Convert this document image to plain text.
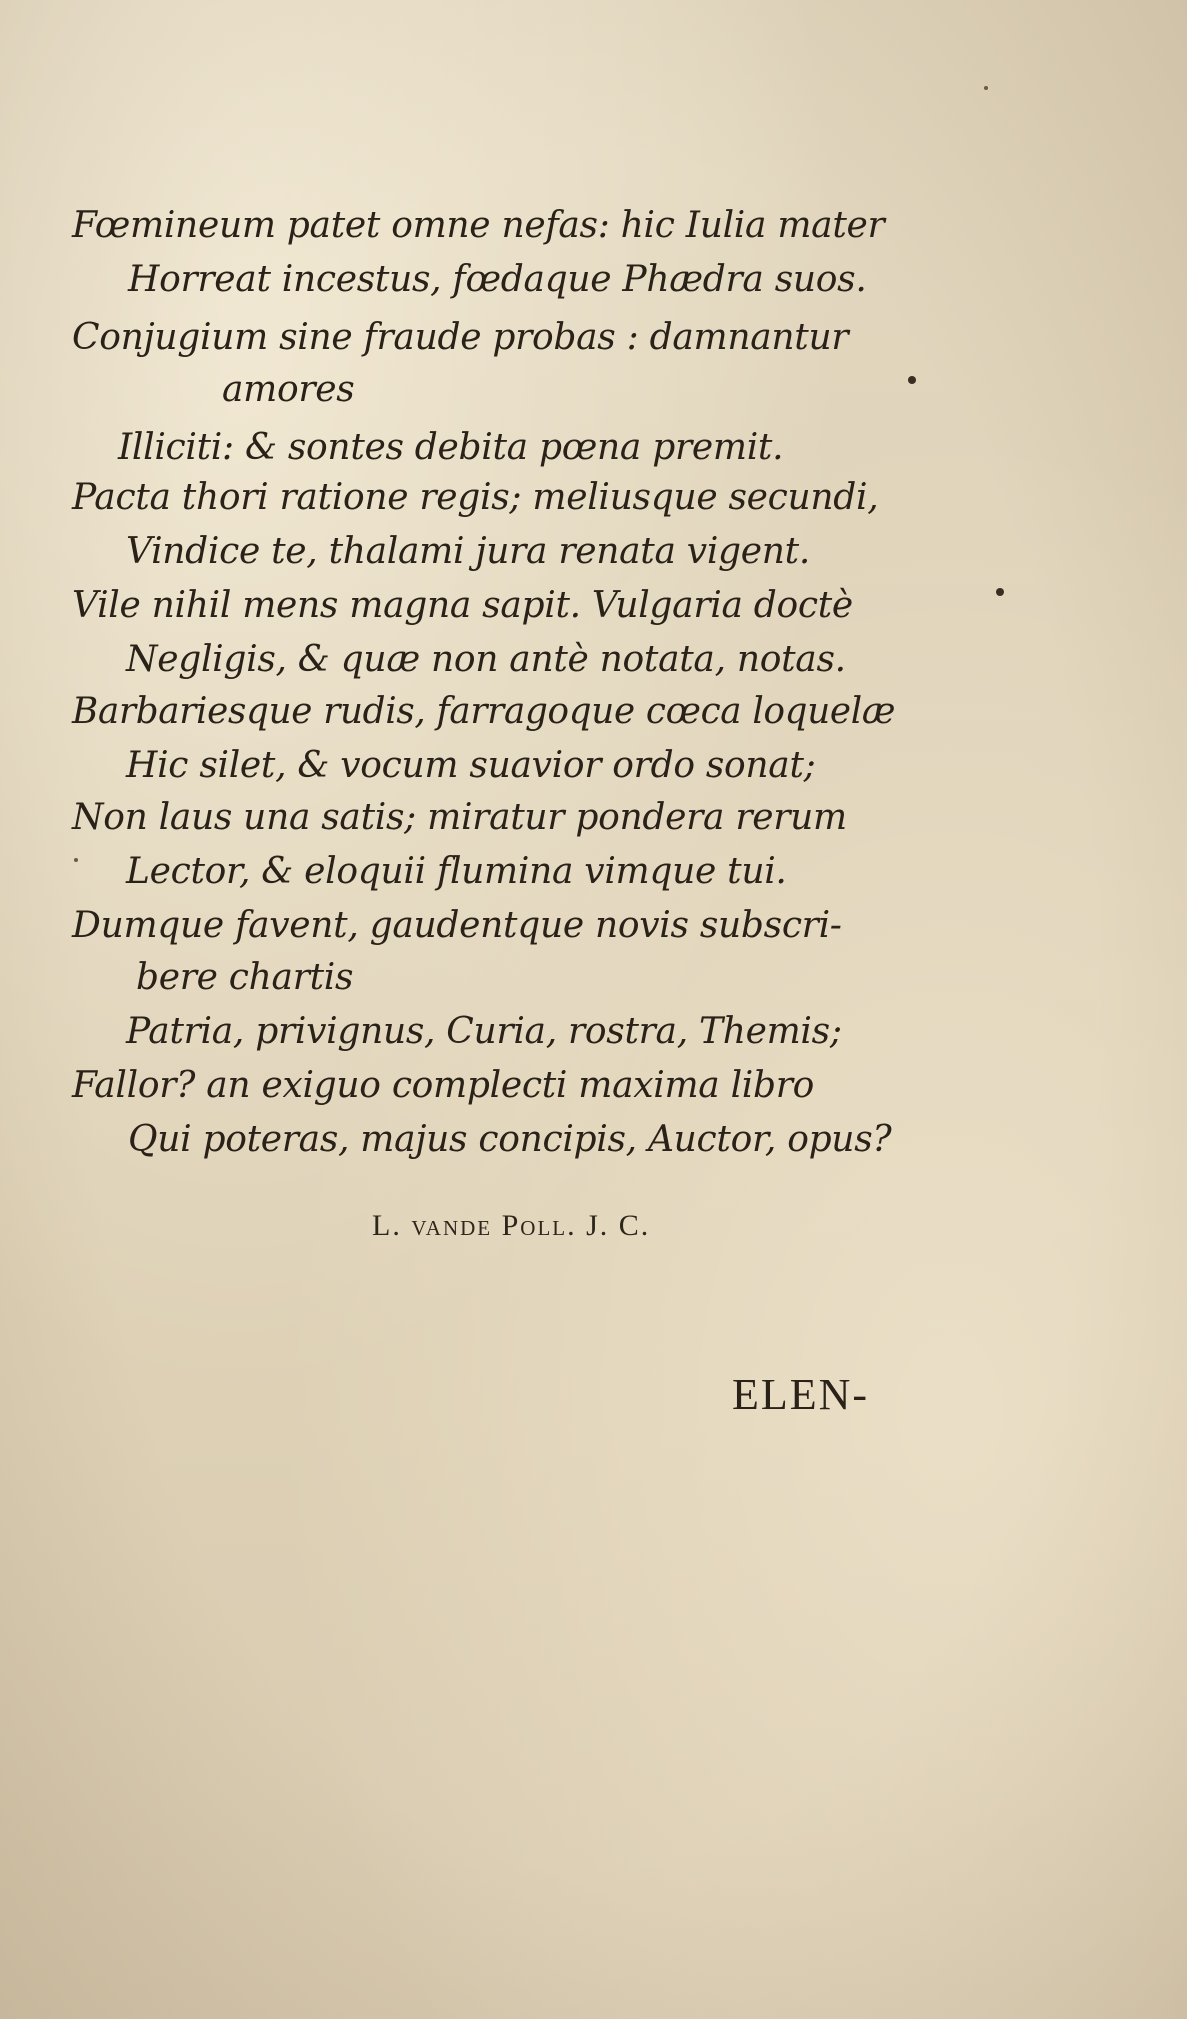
Fœmineum patet omne nefas: hic Iulia mater
Horreat incestus, fœdaque Phædra suos.
Conjugium sine fraude probas : damnantur
amores
Illiciti: & sontes debita pœna premit.
Pacta thori ratione regis; meliusque secundi,
Vindice te, thalami jura renata vigent.
Vile nihil mens magna sapit. Vulgaria doctè
Negligis, & quæ non antè notata, notas.
Barbariesque rudis, farragoque cœca loquelæ
Hic silet, & vocum suavior ordo sonat;
Non laus una satis; miratur pondera rerum
Lector, & eloquii flumina vimque tui.
Dumque favent, gaudentque novis subscri-
bere chartis
Patria, privignus, Curia, rostra, Themis;
Fallor? an exiguo complecti maxima libro
Qui poteras, majus concipis, Auctor, opus?
L. vande Poll. J. C.
ELEN-
